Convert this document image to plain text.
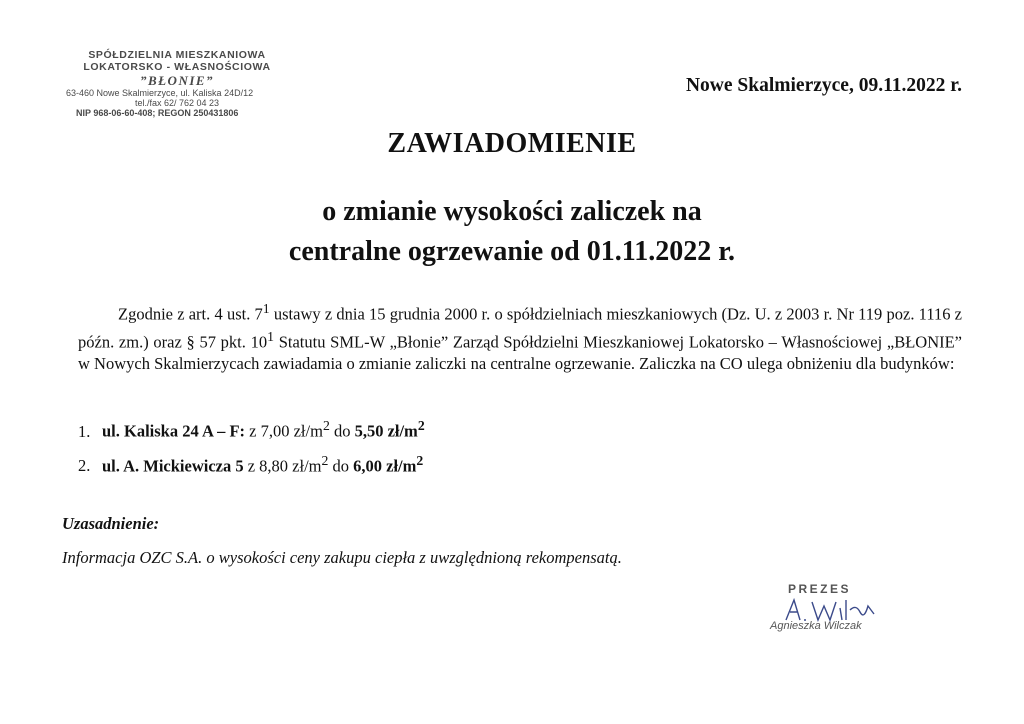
SPÓŁDZIELNIA MIESZKANIOWA
LOKATORSKO - WŁASNOŚCIOWA
”BŁONIE”
63-460 Nowe Skalmierzyce, ul. Kaliska 24D/12
tel./fax 62/ 762 04 23
NIP 968-06-60-408; REGON 250431806
Nowe Skalmierzyce, 09.11.2022 r.
ZAWIADOMIENIE
o zmianie wysokości zaliczek na
centralne ogrzewanie od 01.11.2022 r.

Zgodnie z art. 4 ust. $7^1$ ustawy z dnia 15 grudnia 2000 r. o spółdzielniach mieszkaniowych (Dz. U. z 2003 r. Nr 119 poz. 1116 z późn. zm.) oraz § 57 pkt. $10^1$ Statutu SML-W „Błonie” Zarząd Spółdzielni Mieszkaniowej Lokatorsko – Własnościowej „BŁONIE” w Nowych Skalmierzycach zawiadamia o zmianie zaliczki na centralne ogrzewanie. Zaliczka na CO ulega obniżeniu dla budynków:

1. ul. Kaliska 24 A – F: z 7,00 $zł/m^2$ do 5,50 $zł/m^2$
2. ul. A. Mickiewicza 5 z 8,80 $zł/m^2$ do 6,00 $zł/m^2$
Uzasadnienie:
Informacja OZC S.A. o wysokości ceny zakupu ciepła z uwzględnioną rekompensatą.
PREZES
Agnieszka Wilczak
